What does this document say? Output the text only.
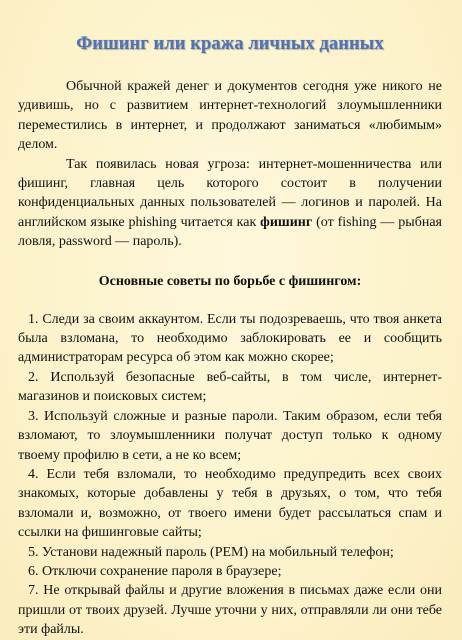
Фишинг или кража личных данных

Обычной кражей денег и документов сегодня уже никого не удивишь, но с развитием интернет-технологий злоумышленники переместились в интернет, и продолжают заниматься «любимым» делом.

Так появилась новая угроза: интернет-мошенничества или фишинг, главная цель которого состоит в получении конфиденциальных данных пользователей — логинов и паролей. На английском языке phishing читается как фишинг (от fishing — рыбная ловля, password — пароль).

Основные советы по борьбе с фишингом:
1. Следи за своим аккаунтом. Если ты подозреваешь, что твоя анкета была взломана, то необходимо заблокировать ее и сообщить администраторам ресурса об этом как можно скорее;
2. Используй безопасные веб-сайты, в том числе, интернет-магазинов и поисковых систем;
3. Используй сложные и разные пароли. Таким образом, если тебя взломают, то злоумышленники получат доступ только к одному твоему профилю в сети, а не ко всем;
4. Если тебя взломали, то необходимо предупредить всех своих знакомых, которые добавлены у тебя в друзьях, о том, что тебя взломали и, возможно, от твоего имени будет рассылаться спам и ссылки на фишинговые сайты;
5. Установи надежный пароль (PEM) на мобильный телефон;
6. Отключи сохранение пароля в браузере;
7. Не открывай файлы и другие вложения в письмах даже если они пришли от твоих друзей. Лучше уточни у них, отправляли ли они тебе эти файлы.
